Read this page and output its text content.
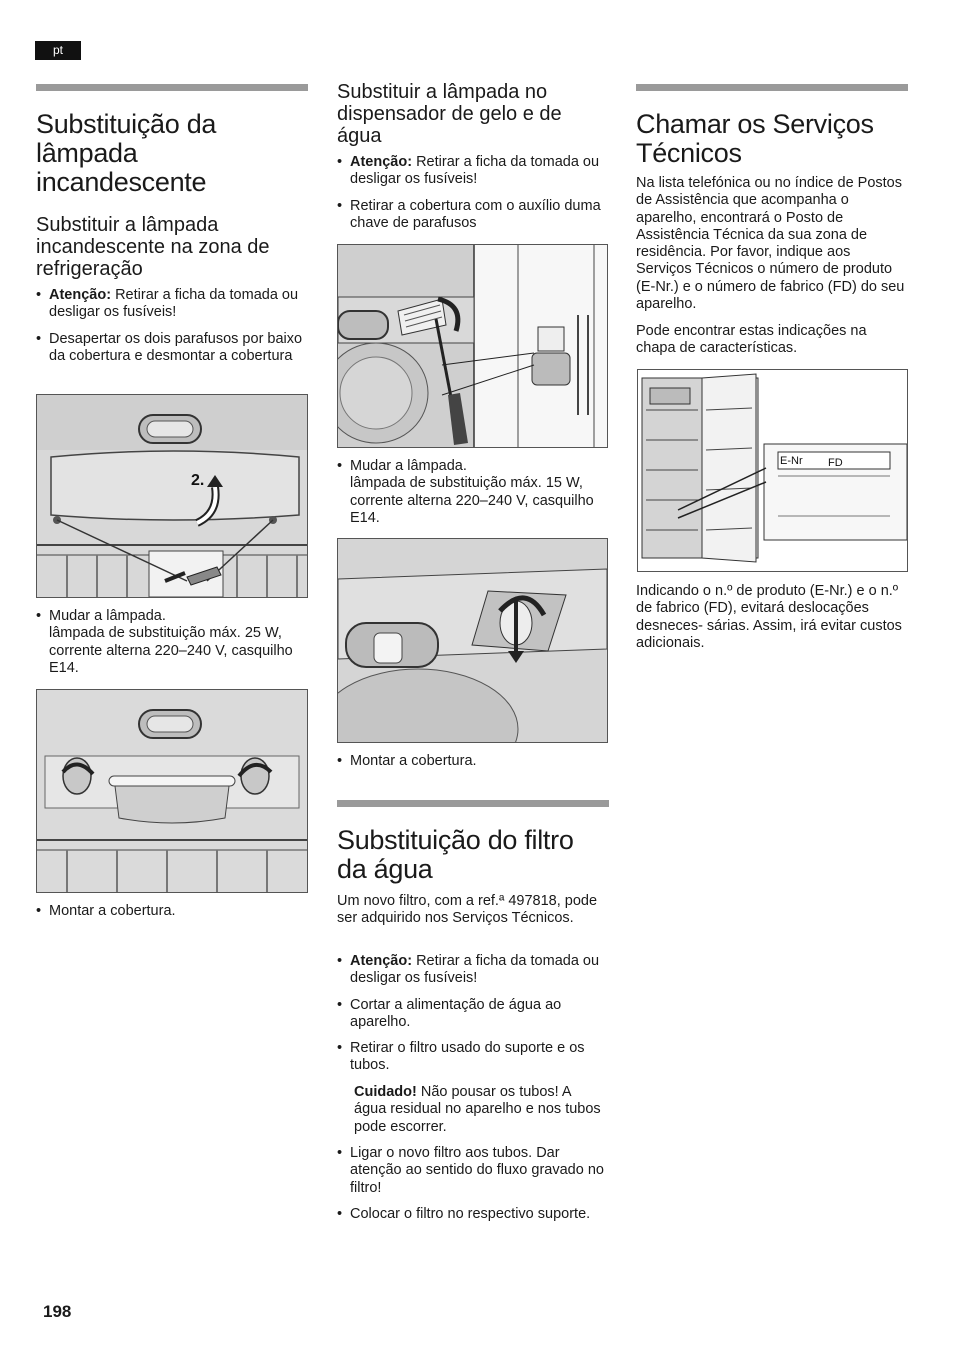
pt
Substituição da lâmpada incandescente
Substituir a lâmpada incandescente na zona de refrigeração
• Atenção: Retirar a ficha da tomada ou desligar os fusíveis!
• Desapertar os dois parafusos por baixo da cobertura e desmontar a cobertura
2.
• Mudar a lâmpada.
lâmpada de substituição máx. 25 W, corrente alterna 220–240 V, casquilho E14.
• Montar a cobertura.
Substituir a lâmpada no dispensador de gelo e de água
• Atenção: Retirar a ficha da tomada ou desligar os fusíveis!
• Retirar a cobertura com o auxílio duma chave de parafusos
• Mudar a lâmpada.
lâmpada de substituição máx. 15 W, corrente alterna 220–240 V, casquilho E14.
• Montar a cobertura.
Substituição do filtro da água

Um novo filtro, com a ref.ª 497818, pode ser adquirido nos Serviços Técnicos.

• Atenção: Retirar a ficha da tomada ou desligar os fusíveis!
• Cortar a alimentação de água ao aparelho.
• Retirar o filtro usado do suporte e os tubos.

Cuidado! Não pousar os tubos! A água residual no aparelho e nos tubos pode escorrer.

• Ligar o novo filtro aos tubos. Dar atenção ao sentido do fluxo gravado no filtro!
• Colocar o filtro no respectivo suporte.
Chamar os Serviços Técnicos

Na lista telefónica ou no índice de Postos de Assistência que acompanha o aparelho, encontrará o Posto de Assistência Técnica da sua zona de residência. Por favor, indique aos Serviços Técnicos o número de produto (E-Nr.) e o número de fabrico (FD) do seu aparelho.

Pode encontrar estas indicações na chapa de características.

E-Nr FD

Indicando o n.º de produto (E-Nr.) e o n.º de fabrico (FD), evitará deslocações desneces- sárias. Assim, irá evitar custos adicionais.

198
